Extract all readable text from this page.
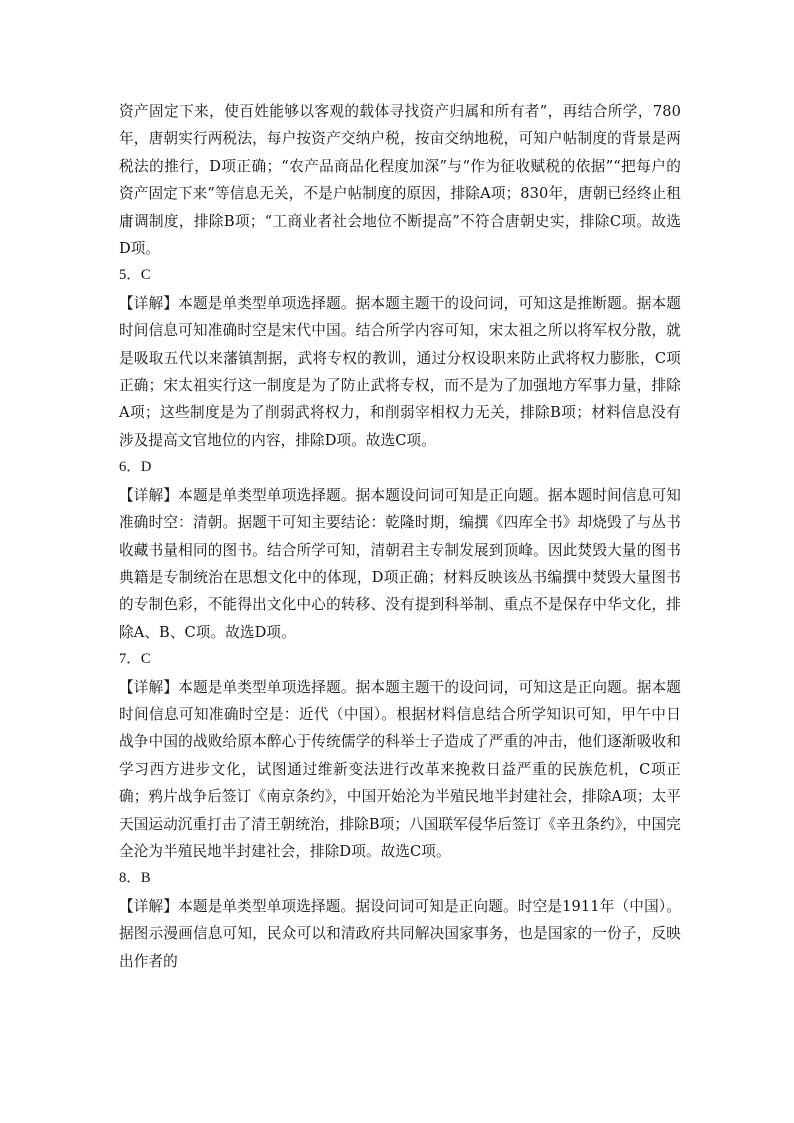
资产固定下来，使百姓能够以客观的载体寻找资产归属和所有者”，再结合所学，780年，唐朝实行两税法，每户按资产交纳户税，按亩交纳地税，可知户帖制度的背景是两税法的推行，D项正确；“农产品商品化程度加深”与“作为征收赋税的依据”“把每户的资产固定下来”等信息无关，不是户帖制度的原因，排除A项；830年，唐朝已经终止租庸调制度，排除B项；“工商业者社会地位不断提高”不符合唐朝史实，排除C项。故选D项。

5．C

【详解】本题是单类型单项选择题。据本题主题干的设问词，可知这是推断题。据本题时间信息可知准确时空是宋代中国。结合所学内容可知，宋太祖之所以将军权分散，就是吸取五代以来藩镇割据，武将专权的教训，通过分权设职来防止武将权力膨胀，C项正确；宋太祖实行这一制度是为了防止武将专权，而不是为了加强地方军事力量，排除A项；这些制度是为了削弱武将权力，和削弱宰相权力无关，排除B项；材料信息没有涉及提高文官地位的内容，排除D项。故选C项。

6．D

【详解】本题是单类型单项选择题。据本题设问词可知是正向题。据本题时间信息可知准确时空：清朝。据题干可知主要结论：乾隆时期，编撰《四库全书》却烧毁了与丛书收藏书量相同的图书。结合所学可知，清朝君主专制发展到顶峰。因此焚毁大量的图书典籍是专制统治在思想文化中的体现，D项正确；材料反映该丛书编撰中焚毁大量图书的专制色彩，不能得出文化中心的转移、没有提到科举制、重点不是保存中华文化，排除A、B、C项。故选D项。

7．C

【详解】本题是单类型单项选择题。据本题主题干的设问词，可知这是正向题。据本题时间信息可知准确时空是：近代（中国）。根据材料信息结合所学知识可知，甲午中日战争中国的战败给原本醉心于传统儒学的科举士子造成了严重的冲击，他们逐渐吸收和学习西方进步文化，试图通过维新变法进行改革来挽救日益严重的民族危机，C项正确；鸦片战争后签订《南京条约》，中国开始沦为半殖民地半封建社会，排除A项；太平天国运动沉重打击了清王朝统治，排除B项；八国联军侵华后签订《辛丑条约》，中国完全沦为半殖民地半封建社会，排除D项。故选C项。

8．B

【详解】本题是单类型单项选择题。据设问词可知是正向题。时空是1911年（中国）。据图示漫画信息可知，民众可以和清政府共同解决国家事务，也是国家的一份子，反映出作者的
